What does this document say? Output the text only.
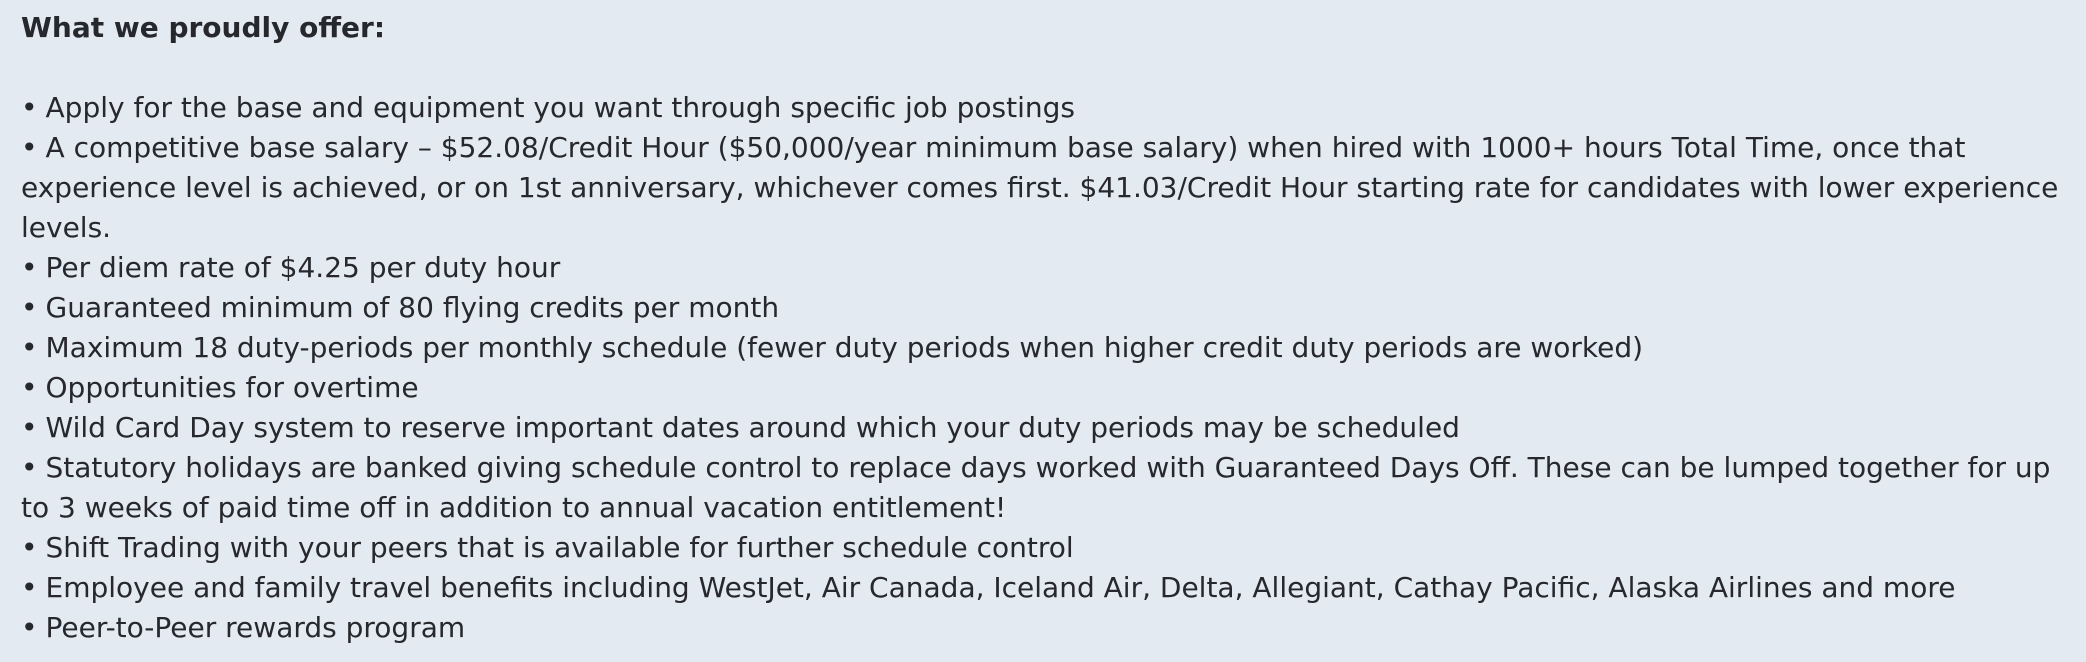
What we proudly offer:

• Apply for the base and equipment you want through specific job postings

• A competitive base salary – $52.08/Credit Hour ($50,000/year minimum base salary) when hired with 1000+ hours Total Time, once that experience level is achieved, or on 1st anniversary, whichever comes first. $41.03/Credit Hour starting rate for candidates with lower experience levels.

• Per diem rate of $4.25 per duty hour

• Guaranteed minimum of 80 flying credits per month

• Maximum 18 duty-periods per monthly schedule (fewer duty periods when higher credit duty periods are worked)

• Opportunities for overtime

• Wild Card Day system to reserve important dates around which your duty periods may be scheduled

• Statutory holidays are banked giving schedule control to replace days worked with Guaranteed Days Off. These can be lumped together for up to 3 weeks of paid time off in addition to annual vacation entitlement!

• Shift Trading with your peers that is available for further schedule control

• Employee and family travel benefits including WestJet, Air Canada, Iceland Air, Delta, Allegiant, Cathay Pacific, Alaska Airlines and more

• Peer-to-Peer rewards program
